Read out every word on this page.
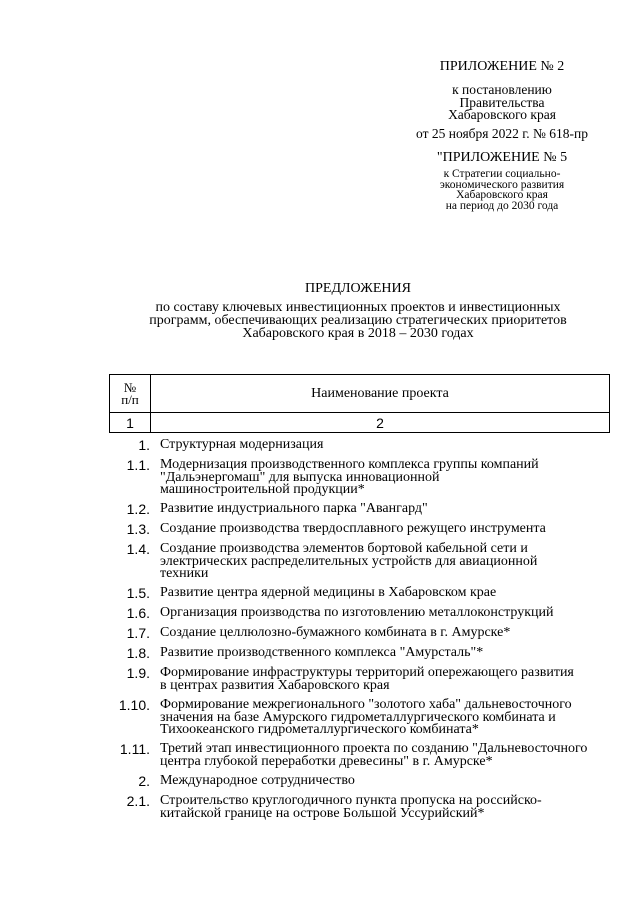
ПРИЛОЖЕНИЕ № 2
к постановлению
Правительства
Хабаровского края
от 25 ноября 2022 г. № 618-пр
"ПРИЛОЖЕНИЕ № 5
к Стратегии социально-
экономического развития
Хабаровского края
на период до 2030 года
ПРЕДЛОЖЕНИЯ
по составу ключевых инвестиционных проектов и инвестиционных
программ, обеспечивающих реализацию стратегических приоритетов
Хабаровского края в 2018 – 2030 годах
№
п/п	Наименование проекта
1	2
1. Структурная модернизация
1.1. Модернизация производственного комплекса группы компаний
"Дальэнергомаш" для выпуска инновационной
машиностроительной продукции*
1.2. Развитие индустриального парка "Авангард"
1.3. Создание производства твердосплавного режущего инструмента
1.4. Создание производства элементов бортовой кабельной сети и
электрических распределительных устройств для авиационной
техники
1.5. Развитие центра ядерной медицины в Хабаровском крае
1.6. Организация производства по изготовлению металлоконструкций
1.7. Создание целлюлозно-бумажного комбината в г. Амурске*
1.8. Развитие производственного комплекса "Амурсталь"*
1.9. Формирование инфраструктуры территорий опережающего развития
в центрах развития Хабаровского края
1.10. Формирование межрегионального "золотого хаба" дальневосточного
значения на базе Амурского гидрометаллургического комбината и
Тихоокеанского гидрометаллургического комбината*
1.11. Третий этап инвестиционного проекта по созданию "Дальневосточного
центра глубокой переработки древесины" в г. Амурске*
2. Международное сотрудничество
2.1. Строительство круглогодичного пункта пропуска на российско-
китайской границе на острове Большой Уссурийский*
